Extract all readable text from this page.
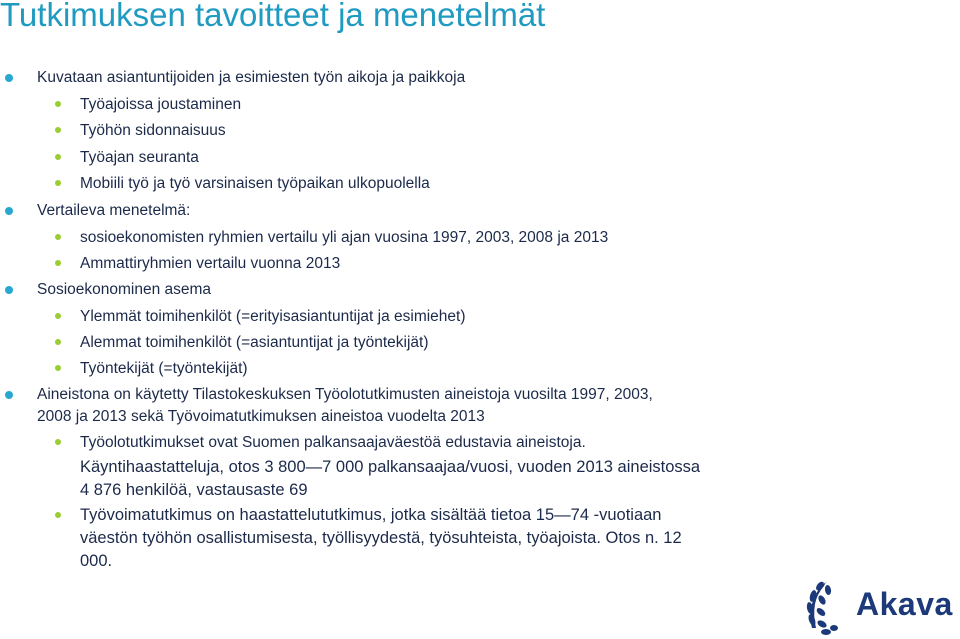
Tutkimuksen tavoitteet ja menetelmät
Kuvataan asiantuntijoiden ja esimiesten työn aikoja ja paikkoja
Työajoissa joustaminen
Työhön sidonnaisuus
Työajan seuranta
Mobiili työ ja työ varsinaisen työpaikan ulkopuolella
Vertaileva menetelmä:
sosioekonomisten ryhmien vertailu yli ajan vuosina 1997, 2003, 2008 ja 2013
Ammattiryhmien vertailu vuonna 2013
Sosioekonominen asema
Ylemmät toimihenkilöt (=erityisasiantuntijat ja esimiehet)
Alemmat toimihenkilöt (=asiantuntijat ja työntekijät)
Työntekijät (=työntekijät)
Aineistona on käytetty Tilastokeskuksen Työolotutkimusten aineistoja vuosilta 1997, 2003,
2008 ja 2013 sekä Työvoimatutkimuksen aineistoa vuodelta 2013
Työolotutkimukset ovat Suomen palkansaajaväestöä edustavia aineistoja.
Käyntihaastatteluja, otos 3 800—7 000 palkansaajaa/vuosi, vuoden 2013 aineistossa
4 876 henkilöä, vastausaste 69
Työvoimatutkimus on haastattelututkimus, jotka sisältää tietoa 15—74 -vuotiaan
väestön työhön osallistumisesta, työllisyydestä, työsuhteista, työajoista. Otos n. 12
000.
Akava
